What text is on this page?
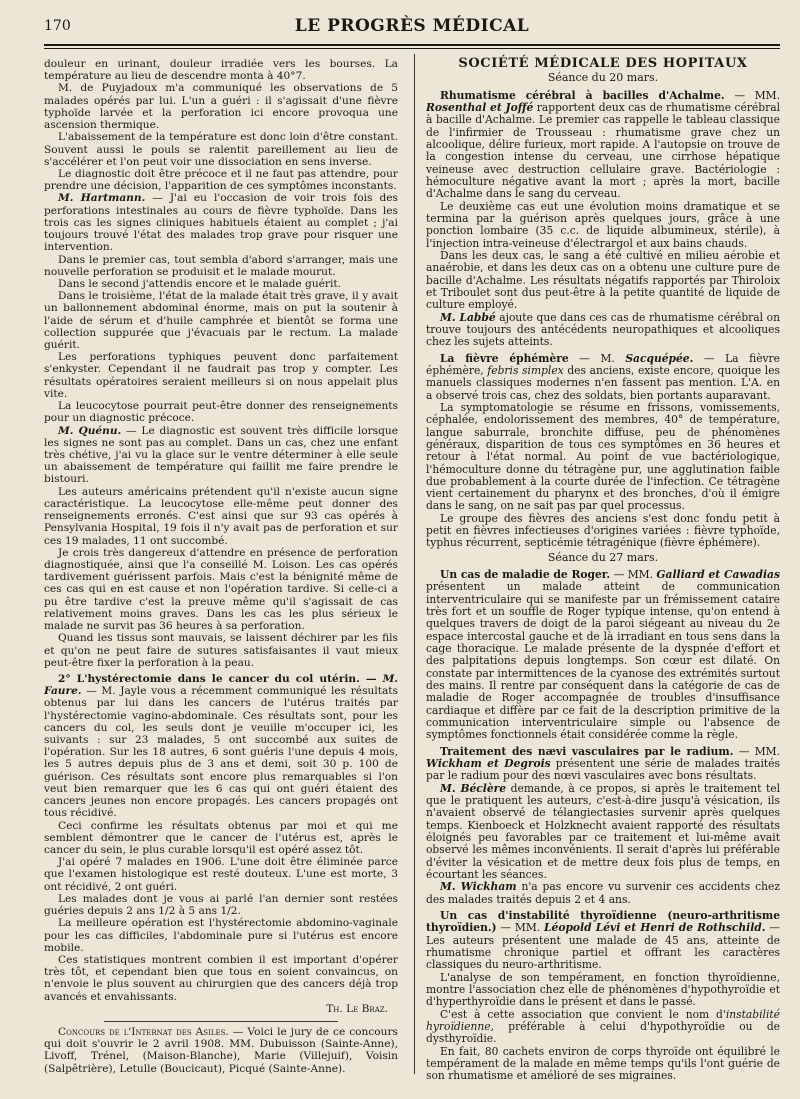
170	LE PROGRÈS MÉDICAL

douleur en urinant, douleur irradiée vers les bourses. La température au lieu de descendre monta à 40°7.

M. de Puyjadoux m'a communiqué les observations de 5 malades opérés par lui. L'un a guéri : il s'agissait d'une fièvre typhoïde larvée et la perforation ici encore provoqua une ascension thermique.

L'abaissement de la température est donc loin d'être constant. Souvent aussi le pouls se ralentit pareillement au lieu de s'accélérer et l'on peut voir une dissociation en sens inverse.

Le diagnostic doit être précoce et il ne faut pas attendre, pour prendre une décision, l'apparition de ces symptômes inconstants.

M. Hartmann. — J'ai eu l'occasion de voir trois fois des perforations intestinales au cours de fièvre typhoïde. Dans les trois cas les signes cliniques habituels étaient au complet ; j'ai toujours trouvé l'état des malades trop grave pour risquer une intervention.

Dans le premier cas, tout sembla d'abord s'arranger, mais une nouvelle perforation se produisit et le malade mourut.

Dans le second j'attendis encore et le malade guérit.

Dans le troisième, l'état de la malade était très grave, il y avait un ballonnement abdominal énorme, mais on put la soutenir à l'aide de sérum et d'huile camphrée et bientôt se forma une collection suppurée que j'évacuais par le rectum. La malade guérit.

Les perforations typhiques peuvent donc parfaitement s'enkyster. Cependant il ne faudrait pas trop y compter. Les résultats opératoires seraient meilleurs si on nous appelait plus vite.

La leucocytose pourrait peut-être donner des renseignements pour un diagnostic précoce.

M. Quénu. — Le diagnostic est souvent très difficile lorsque les signes ne sont pas au complet. Dans un cas, chez une enfant très chétive, j'ai vu la glace sur le ventre déterminer à elle seule un abaissement de température qui faillit me faire prendre le bistouri.

Les auteurs américains prétendent qu'il n'existe aucun signe caractéristique. La leucocytose elle-même peut donner des renseignements erronés. C'est ainsi que sur 93 cas opérés à Pensylvania Hospital, 19 fois il n'y avait pas de perforation et sur ces 19 malades, 11 ont succombé.

Je crois très dangereux d'attendre en présence de perforation diagnostiquée, ainsi que l'a conseillé M. Loison. Les cas opérés tardivement guérissent parfois. Mais c'est la bénignité même de ces cas qui en est cause et non l'opération tardive. Si celle-ci a pu être tardive c'est la preuve même qu'il s'agissait de cas relativement moins graves. Dans les cas les plus sérieux le malade ne survit pas 36 heures à sa perforation.

Quand les tissus sont mauvais, se laissent déchirer par les fils et qu'on ne peut faire de sutures satisfaisantes il vaut mieux peut-être fixer la perforation à la peau.

2° L'hystérectomie dans le cancer du col utérin. — M. Faure. — M. Jayle vous a récemment communiqué les résultats obtenus par lui dans les cancers de l'utérus traités par l'hystérectomie vagino-abdominale. Ces résultats sont, pour les cancers du col, les seuls dont je veuille m'occuper ici, les suivants : sur 23 malades, 5 ont succombé aux suites de l'opération. Sur les 18 autres, 6 sont guéris l'une depuis 4 mois, les 5 autres depuis plus de 3 ans et demi, soit 30 p. 100 de guérison. Ces résultats sont encore plus remarquables si l'on veut bien remarquer que les 6 cas qui ont guéri étaient des cancers jeunes non encore propagés. Les cancers propagés ont tous récidivé.

Ceci confirme les résultats obtenus par moi et qui me semblent démontrer que le cancer de l'utérus est, après le cancer du sein, le plus curable lorsqu'il est opéré assez tôt.

J'ai opéré 7 malades en 1906. L'une doit être éliminée parce que l'examen histologique est resté douteux. L'une est morte, 3 ont récidivé, 2 ont guéri.

Les malades dont je vous ai parlé l'an dernier sont restées guéries depuis 2 ans 1/2 à 5 ans 1/2.

La meilleure opération est l'hystérectomie abdomino-vaginale pour les cas difficiles, l'abdominale pure si l'utérus est encore mobile.

Ces statistiques montrent combien il est important d'opérer très tôt, et cependant bien que tous en soient convaincus, on n'envoie le plus souvent au chirurgien que des cancers déjà trop avancés et envahissants.

Th. Le Braz.

Concours de l'Internat des Asiles. — Voici le jury de ce concours qui doit s'ouvrir le 2 avril 1908. MM. Dubuisson (Sainte-Anne), Livoff, Trénel, (Maison-Blanche), Marie (Villejuif), Voisin (Salpêtrière), Letulle (Boucicaut), Picqué (Sainte-Anne).

SOCIÉTÉ MÉDICALE DES HOPITAUX
Séance du 20 mars.

Rhumatisme cérébral à bacilles d'Achalme. — MM. Rosenthal et Joffé rapportent deux cas de rhumatisme cérébral à bacille d'Achalme. Le premier cas rappelle le tableau classique de l'infirmier de Trousseau : rhumatisme grave chez un alcoolique, délire furieux, mort rapide. A l'autopsie on trouve de la congestion intense du cerveau, une cirrhose hépatique veineuse avec destruction cellulaire grave. Bactériologie : hémoculture négative avant la mort ; après la mort, bacille d'Achalme dans le sang du cerveau.

Le deuxième cas eut une évolution moins dramatique et se termina par la guérison après quelques jours, grâce à une ponction lombaire (35 c.c. de liquide albumineux, stérile), à l'injection intra-veineuse d'électrargol et aux bains chauds.

Dans les deux cas, le sang a été cultivé en milieu aérobie et anaérobie, et dans les deux cas on a obtenu une culture pure de bacille d'Achalme. Les résultats négatifs rapportés par Thiroloix et Triboulet sont dus peut-être à la petite quantité de liquide de culture employé.

M. Labbé ajoute que dans ces cas de rhumatisme cérébral on trouve toujours des antécédents neuropathiques et alcooliques chez les sujets atteints.

La fièvre éphémère — M. Sacquépée. — La fièvre éphémère, febris simplex des anciens, existe encore, quoique les manuels classiques modernes n'en fassent pas mention. L'A. en a observé trois cas, chez des soldats, bien portants auparavant.

La symptomatologie se résume en frissons, vomissements, céphalée, endolorissement des membres, 40° de température, langue saburrale, bronchite diffuse, peu de phénomènes généraux, disparition de tous ces symptômes en 36 heures et retour à l'état normal. Au point de vue bactériologique, l'hémoculture donne du tétragène pur, une agglutination faible due probablement à la courte durée de l'infection. Ce tétragène vient certainement du pharynx et des bronches, d'où il émigre dans le sang, on ne sait pas par quel processus.

Le groupe des fièvres des anciens s'est donc fondu petit à petit en fièvres infectieuses d'origines variées : fièvre typhoïde, typhus récurrent, septicémie tétragénique (fièvre éphémère).

Séance du 27 mars.

Un cas de maladie de Roger. — MM. Galliard et Cawadias présentent un malade atteint de communication interventriculaire qui se manifeste par un frémissement cataire très fort et un souffle de Roger typique intense, qu'on entend à quelques travers de doigt de la paroi siégeant au niveau du 2e espace intercostal gauche et de là irradiant en tous sens dans la cage thoracique. Le malade présente de la dyspnée d'effort et des palpitations depuis longtemps. Son cœur est dilaté. On constate par intermittences de la cyanose des extrémités surtout des mains. Il rentre par conséquent dans la catégorie de cas de maladie de Roger accompagnée de troubles d'insuffisance cardiaque et diffère par ce fait de la description primitive de la communication interventriculaire simple ou l'absence de symptômes fonctionnels était considérée comme la règle.

Traitement des nævi vasculaires par le radium. — MM. Wickham et Degrois présentent une série de malades traités par le radium pour des nœvi vasculaires avec bons résultats.

M. Béclère demande, à ce propos, si après le traitement tel que le pratiquent les auteurs, c'est-à-dire jusqu'à vésication, ils n'avaient observé de télangiectasies survenir après quelques temps. Kienboeck et Holzknecht avaient rapporté des résultats éloignés peu favorables par ce traitement et lui-même avait observé les mêmes inconvénients. Il serait d'après lui préférable d'éviter la vésication et de mettre deux fois plus de temps, en écourtant les séances.

M. Wickham n'a pas encore vu survenir ces accidents chez des malades traités depuis 2 et 4 ans.

Un cas d'instabilité thyroïdienne (neuro-arthritisme thyroïdien.) — MM. Léopold Lévi et Henri de Rothschild. — Les auteurs présentent une malade de 45 ans, atteinte de rhumatisme chronique partiel et offrant les caractères classiques du neuro-arthritisme.

L'analyse de son tempérament, en fonction thyroïdienne, montre l'association chez elle de phénomènes d'hypothyroïdie et d'hyperthyroïdie dans le présent et dans le passé.

C'est à cette association que convient le nom d'instabilité hyroïdienne, préférable à celui d'hypothyroïdie ou de dysthyroïdie.

En fait, 80 cachets environ de corps thyroïde ont équilibré le tempérament de la malade en même temps qu'ils l'ont guérie de son rhumatisme et amélioré de ses migraines.
